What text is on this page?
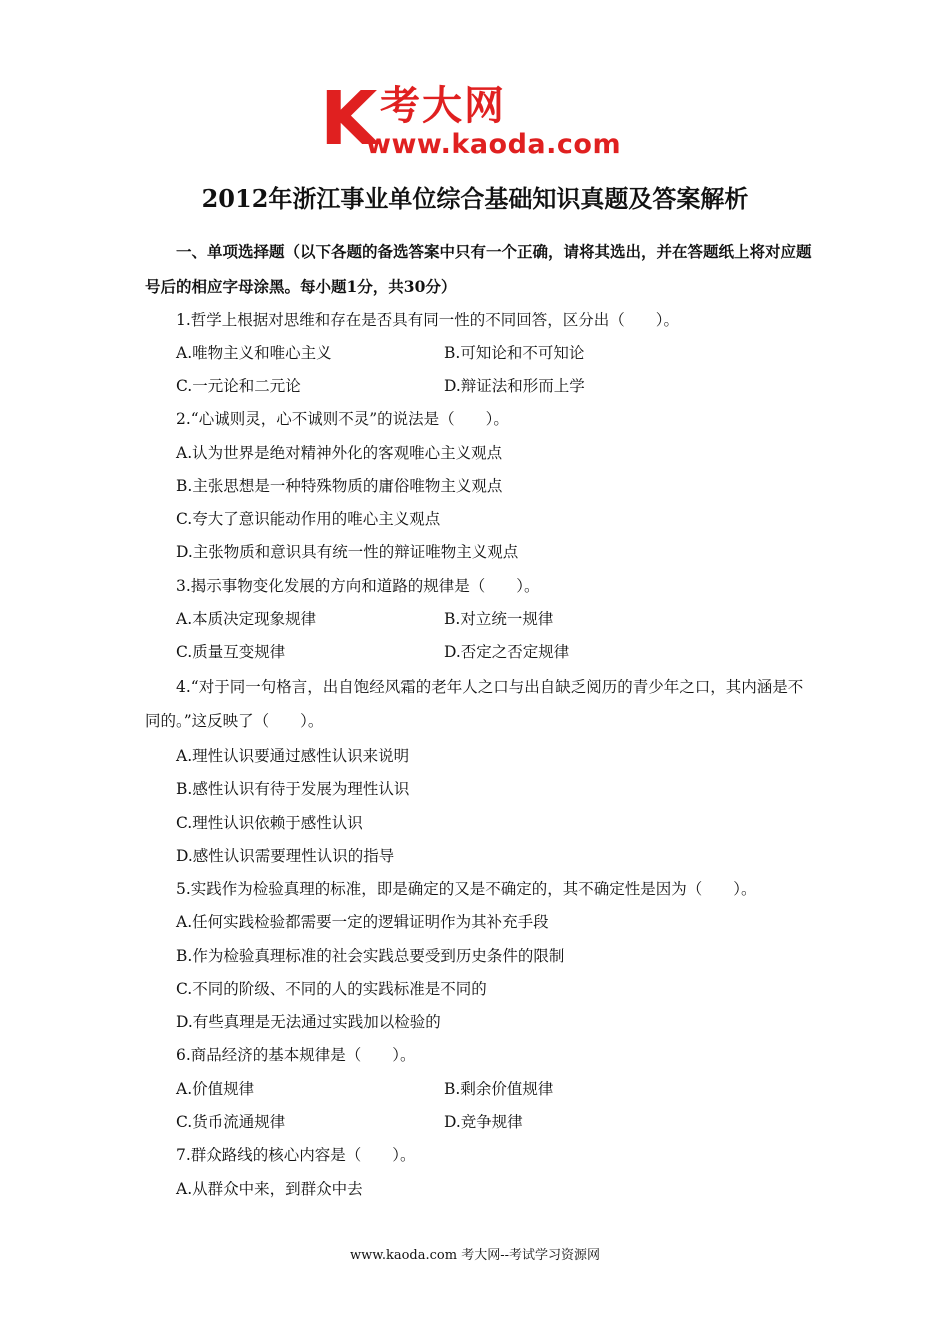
K 考大网
www.kaoda.com
2012年浙江事业单位综合基础知识真题及答案解析
一、单项选择题（以下各题的备选答案中只有一个正确，请将其选出，并在答题纸上将对应题号后的相应字母涂黑。每小题1分，共30分）
1.哲学上根据对思维和存在是否具有同一性的不同回答，区分出（　　）。
A.唯物主义和唯心主义	B.可知论和不可知论
C.一元论和二元论	D.辩证法和形而上学
2.“心诚则灵，心不诚则不灵”的说法是（　　）。
A.认为世界是绝对精神外化的客观唯心主义观点
B.主张思想是一种特殊物质的庸俗唯物主义观点
C.夸大了意识能动作用的唯心主义观点
D.主张物质和意识具有统一性的辩证唯物主义观点
3.揭示事物变化发展的方向和道路的规律是（　　）。
A.本质决定现象规律	B.对立统一规律
C.质量互变规律	D.否定之否定规律
4.“对于同一句格言，出自饱经风霜的老年人之口与出自缺乏阅历的青少年之口，其内涵是不同的。”这反映了（　　）。
A.理性认识要通过感性认识来说明
B.感性认识有待于发展为理性认识
C.理性认识依赖于感性认识
D.感性认识需要理性认识的指导
5.实践作为检验真理的标准，即是确定的又是不确定的，其不确定性是因为（　　）。
A.任何实践检验都需要一定的逻辑证明作为其补充手段
B.作为检验真理标准的社会实践总要受到历史条件的限制
C.不同的阶级、不同的人的实践标准是不同的
D.有些真理是无法通过实践加以检验的
6.商品经济的基本规律是（　　）。
A.价值规律	B.剩余价值规律
C.货币流通规律	D.竞争规律
7.群众路线的核心内容是（　　）。
A.从群众中来，到群众中去
www.kaoda.com 考大网--考试学习资源网
